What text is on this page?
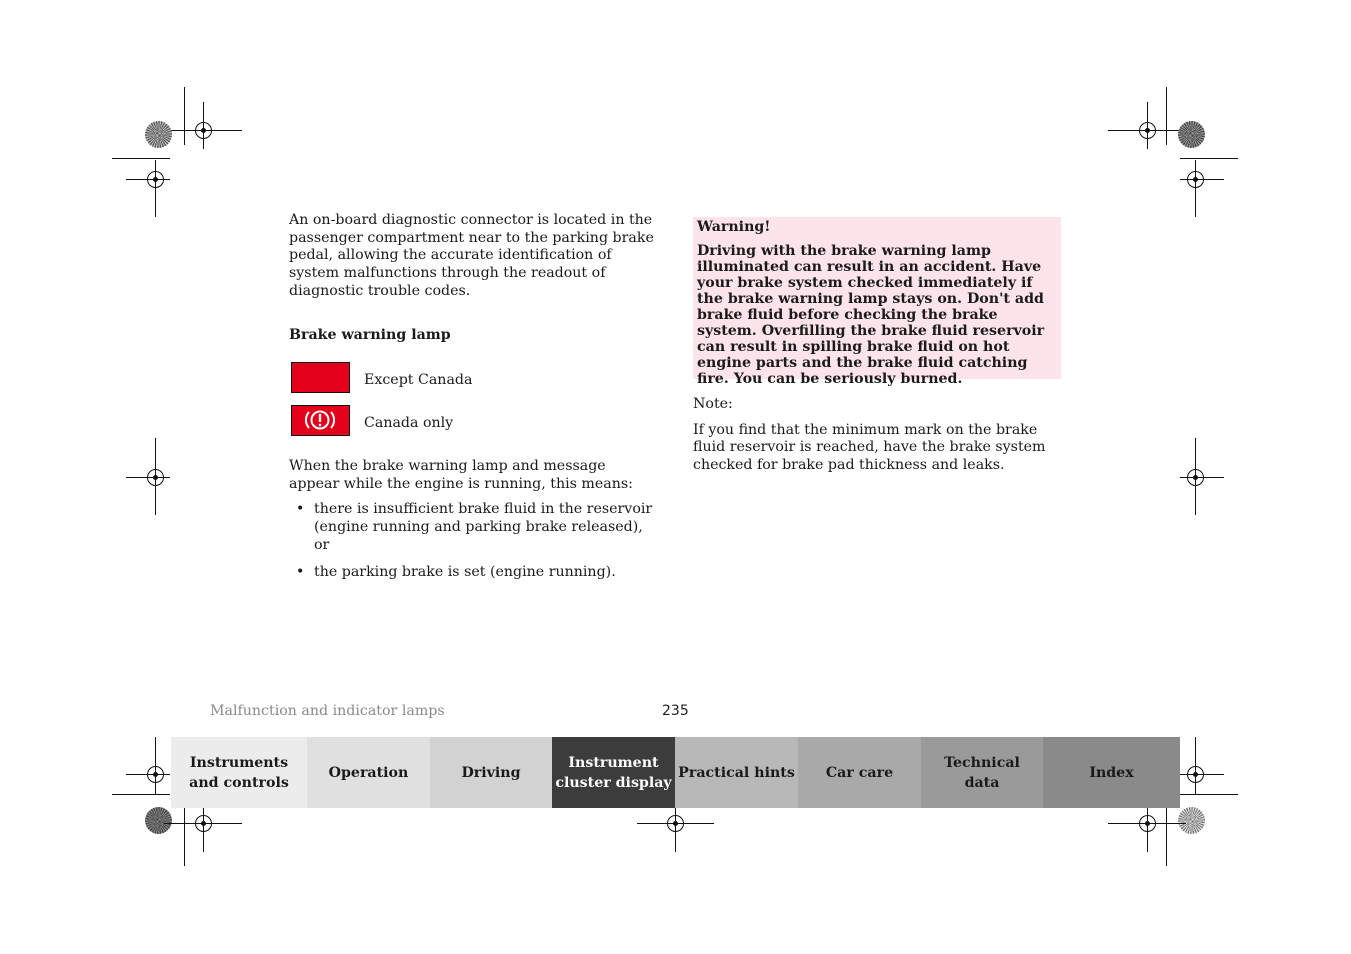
An on-board diagnostic connector is located in the passenger compartment near to the parking brake pedal, allowing the accurate identification of system malfunctions through the readout of diagnostic trouble codes.

Brake warning lamp

Except Canada
Canada only

When the brake warning lamp and message appear while the engine is running, this means:

• there is insufficient brake fluid in the reservoir (engine running and parking brake released), or
• the parking brake is set (engine running).

Warning!

Driving with the brake warning lamp illuminated can result in an accident. Have your brake system checked immediately if the brake warning lamp stays on. Don't add brake fluid before checking the brake system. Overfilling the brake fluid reservoir can result in spilling brake fluid on hot engine parts and the brake fluid catching fire. You can be seriously burned.

Note:

If you find that the minimum mark on the brake fluid reservoir is reached, have the brake system checked for brake pad thickness and leaks.

Malfunction and indicator lamps	235
Instruments
and controls
Operation	Driving
Instrument
cluster display
Practical hints	Car care
Technical
data
Index
